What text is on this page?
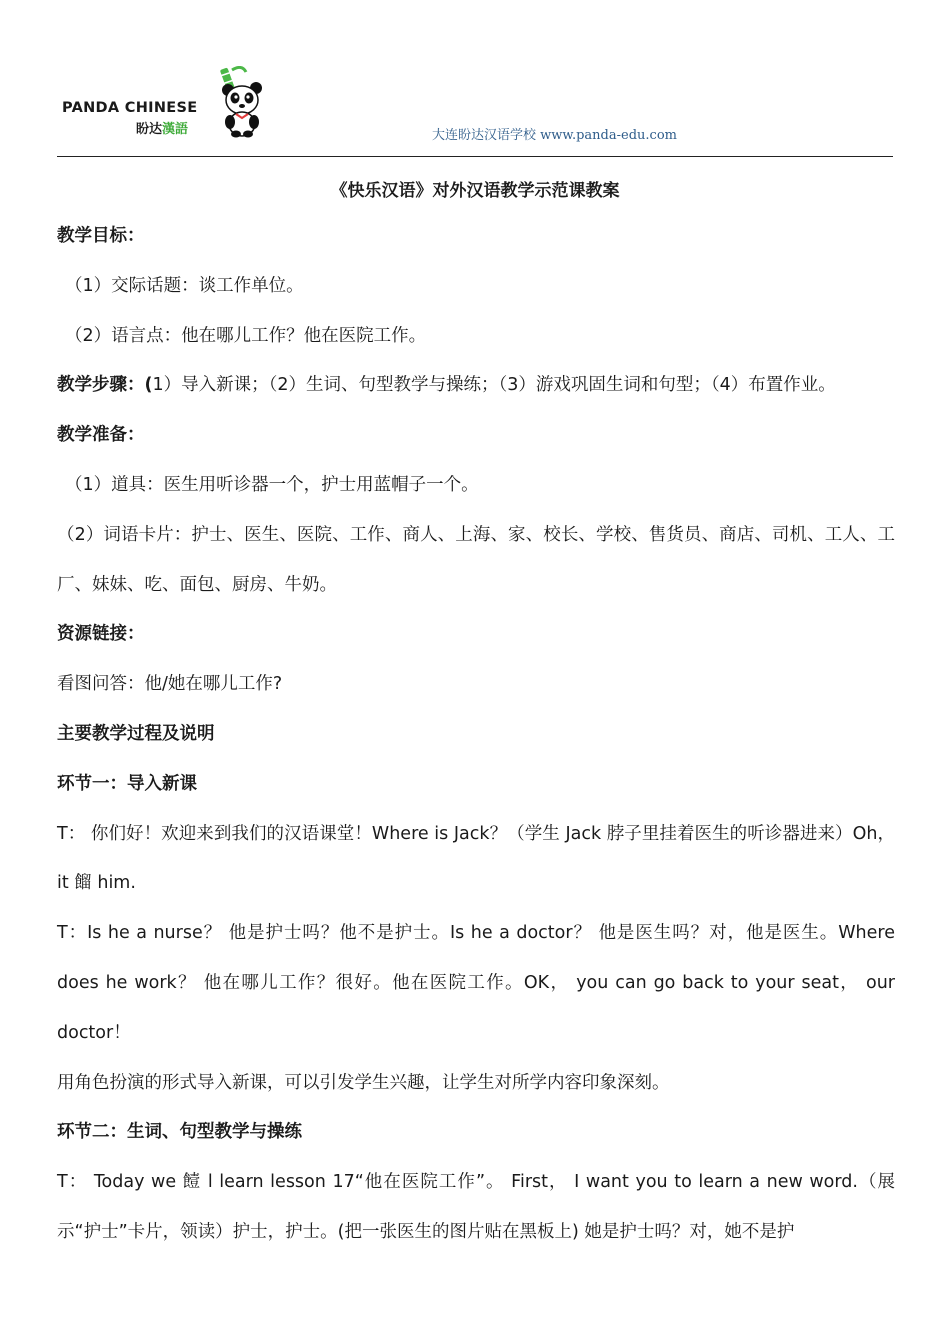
PANDA CHINESE
盼达漢語	大连盼达汉语学校 www.panda-edu.com
《快乐汉语》对外汉语教学示范课教案

教学目标：

（1）交际话题：谈工作单位。

（2）语言点：他在哪儿工作？他在医院工作。

教学步骤：(1）导入新课；（2）生词、句型教学与操练；（3）游戏巩固生词和句型；（4）布置作业。

教学准备：

（1）道具：医生用听诊器一个，护士用蓝帽子一个。

（2）词语卡片：护士、医生、医院、工作、商人、上海、家、校长、学校、售货员、商店、司机、工人、工厂、妹妹、吃、面包、厨房、牛奶。

资源链接：

看图问答：他/她在哪儿工作?

主要教学过程及说明

环节一：导入新课

T： 你们好！欢迎来到我们的汉语课堂！Where is Jack？（学生 Jack 脖子里挂着医生的听诊器进来）Oh， it 餾 him.

T：Is he a nurse？ 他是护士吗？他不是护士。Is he a doctor？ 他是医生吗？对，他是医生。Where does he work？ 他在哪儿工作？很好。他在医院工作。OK， you can go back to your seat， our doctor！

用角色扮演的形式导入新课，可以引发学生兴趣，让学生对所学内容印象深刻。

环节二：生词、句型教学与操练

T： Today we 饐 l learn lesson 17“他在医院工作”。 First， I want you to learn a new word.（展示“护士”卡片，领读）护士，护士。(把一张医生的图片贴在黑板上) 她是护士吗？对，她不是护
